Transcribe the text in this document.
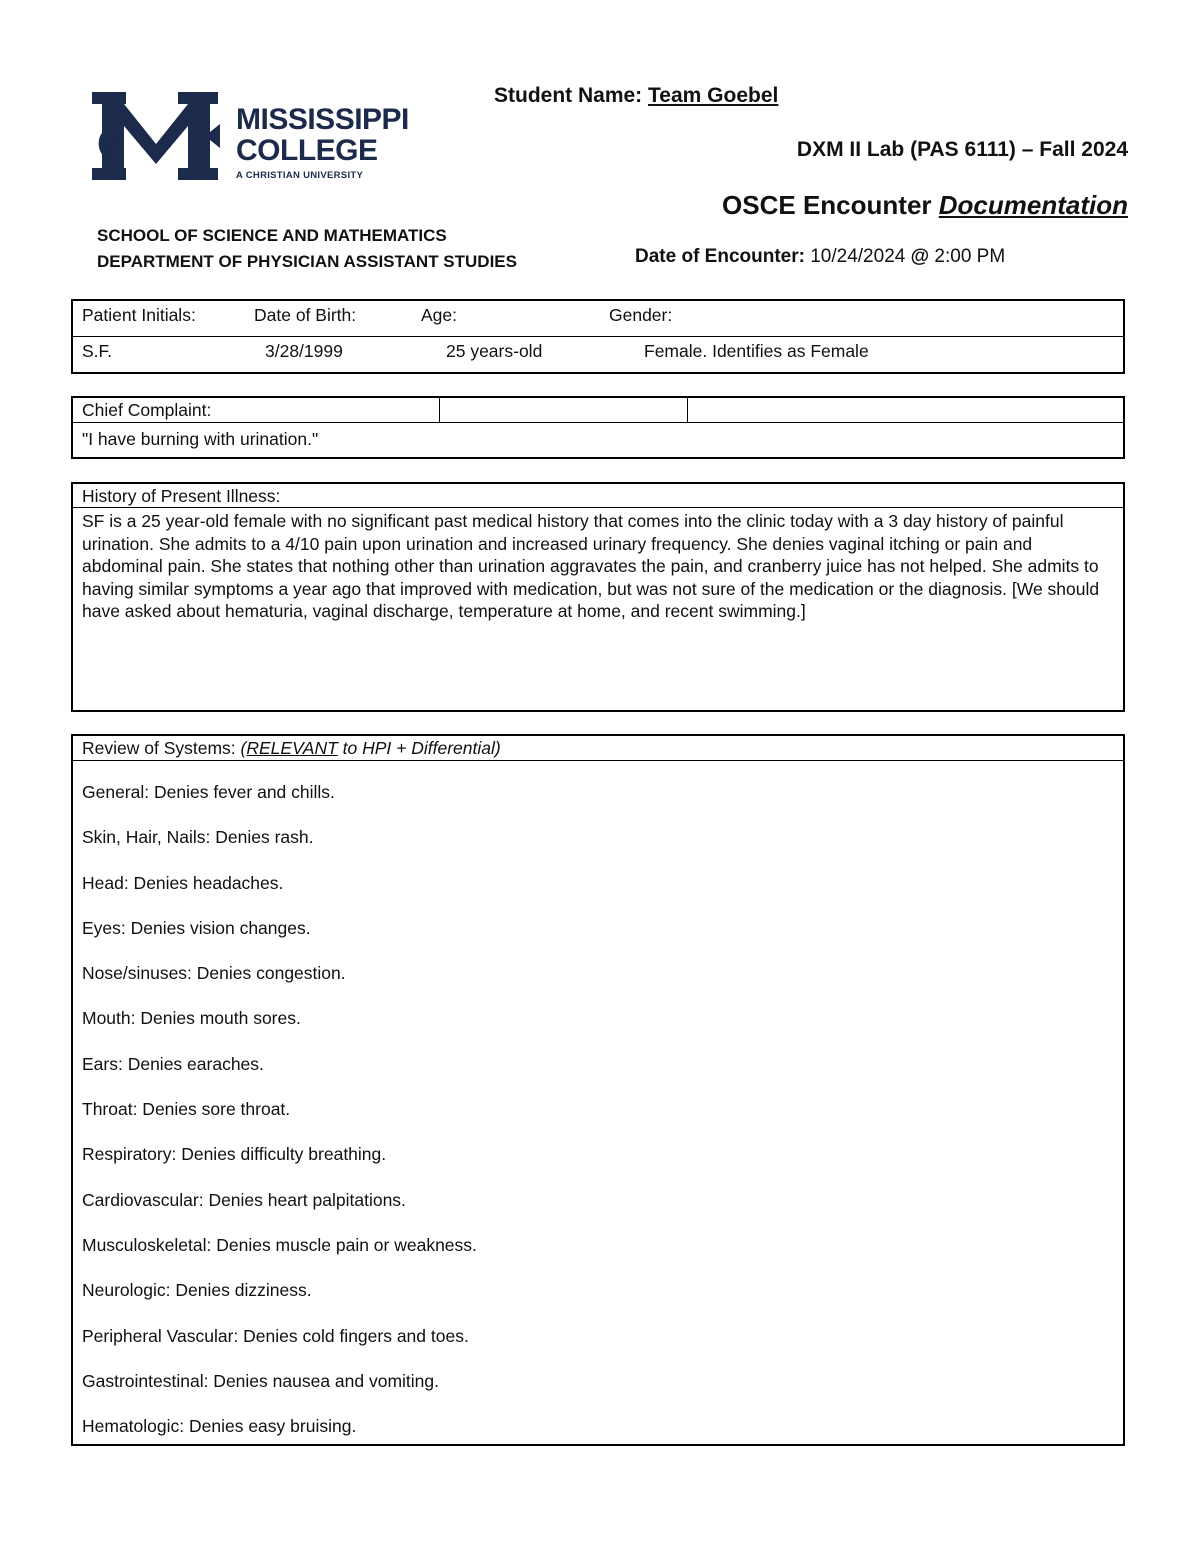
MISSISSIPPI
COLLEGE
A CHRISTIAN UNIVERSITY
Student Name: Team Goebel
DXM II Lab (PAS 6111) – Fall 2024
OSCE Encounter Documentation
SCHOOL OF SCIENCE AND MATHEMATICS
DEPARTMENT OF PHYSICIAN ASSISTANT STUDIES	Date of Encounter: 10/24/2024 @ 2:00 PM
Patient Initials:	Date of Birth:	Age:	Gender:
S.F.	3/28/1999	25 years-old	Female. Identifies as Female
Chief Complaint:
"I have burning with urination."
History of Present Illness:
SF is a 25 year-old female with no significant past medical history that comes into the clinic today with a 3 day history of painful urination. She admits to a 4/10 pain upon urination and increased urinary frequency. She denies vaginal itching or pain and abdominal pain. She states that nothing other than urination aggravates the pain, and cranberry juice has not helped. She admits to having similar symptoms a year ago that improved with medication, but was not sure of the medication or the diagnosis. [We should have asked about hematuria, vaginal discharge, temperature at home, and recent swimming.]
Review of Systems: (RELEVANT to HPI + Differential)
General: Denies fever and chills.
Skin, Hair, Nails: Denies rash.
Head: Denies headaches.
Eyes: Denies vision changes.
Nose/sinuses: Denies congestion.
Mouth: Denies mouth sores.
Ears: Denies earaches.
Throat: Denies sore throat.
Respiratory: Denies difficulty breathing.
Cardiovascular: Denies heart palpitations.
Musculoskeletal: Denies muscle pain or weakness.
Neurologic: Denies dizziness.
Peripheral Vascular: Denies cold fingers and toes.
Gastrointestinal: Denies nausea and vomiting.
Hematologic: Denies easy bruising.
